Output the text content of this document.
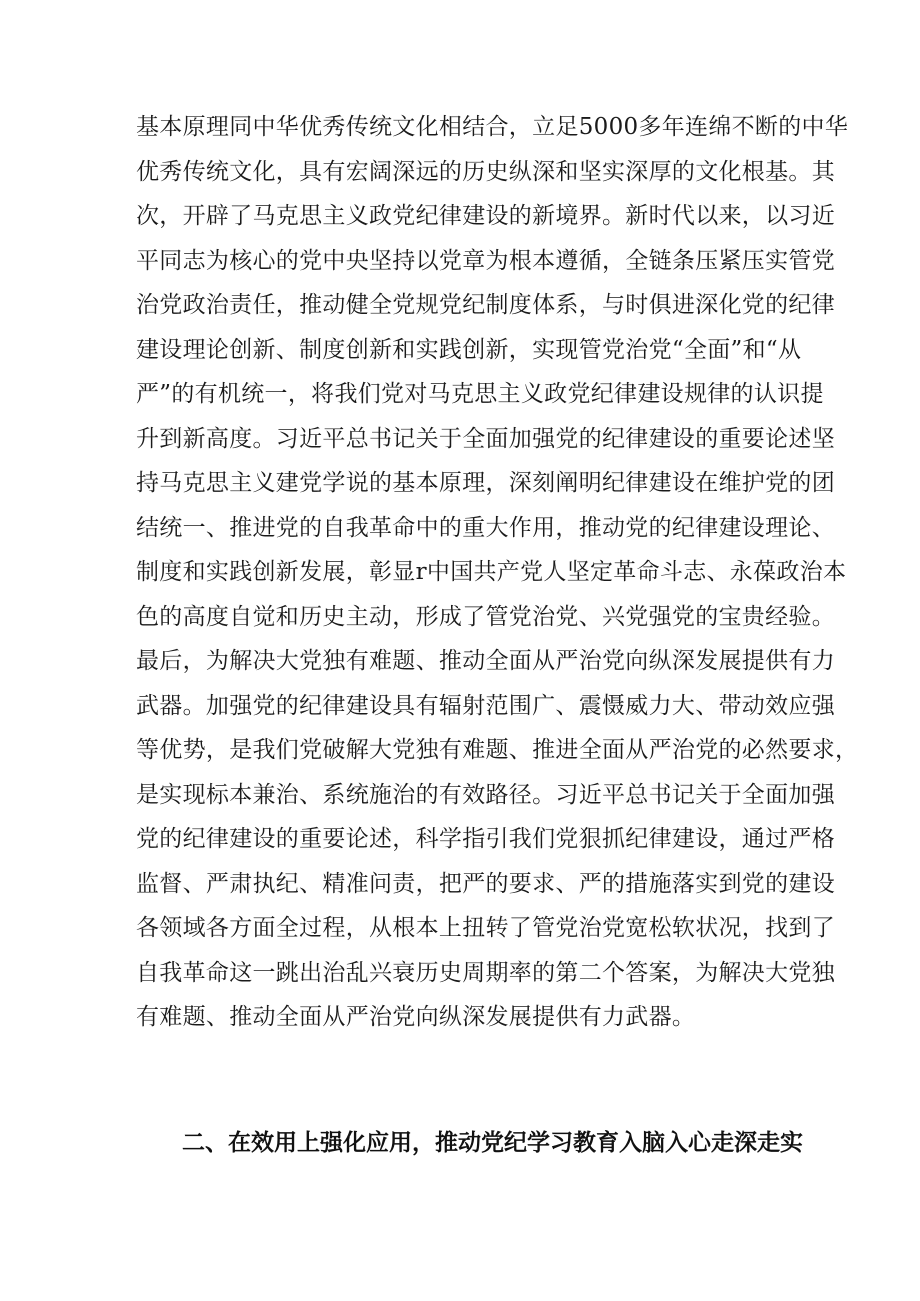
基本原理同中华优秀传统文化相结合，立足5000多年连绵不断的中华
优秀传统文化，具有宏阔深远的历史纵深和坚实深厚的文化根基。其
次，开辟了马克思主义政党纪律建设的新境界。新时代以来，以习近
平同志为核心的党中央坚持以党章为根本遵循，全链条压紧压实管党
治党政治责任，推动健全党规党纪制度体系，与时俱进深化党的纪律
建设理论创新、制度创新和实践创新，实现管党治党“全面”和“从
严”的有机统一，将我们党对马克思主义政党纪律建设规律的认识提
升到新高度。习近平总书记关于全面加强党的纪律建设的重要论述坚
持马克思主义建党学说的基本原理，深刻阐明纪律建设在维护党的团
结统一、推进党的自我革命中的重大作用，推动党的纪律建设理论、
制度和实践创新发展，彰显r中国共产党人坚定革命斗志、永葆政治本
色的高度自觉和历史主动，形成了管党治党、兴党强党的宝贵经验。
最后，为解决大党独有难题、推动全面从严治党向纵深发展提供有力
武器。加强党的纪律建设具有辐射范围广、震慑威力大、带动效应强
等优势，是我们党破解大党独有难题、推进全面从严治党的必然要求，
是实现标本兼治、系统施治的有效路径。习近平总书记关于全面加强
党的纪律建设的重要论述，科学指引我们党狠抓纪律建设，通过严格
监督、严肃执纪、精准问责，把严的要求、严的措施落实到党的建设
各领域各方面全过程，从根本上扭转了管党治党宽松软状况，找到了
自我革命这一跳出治乱兴衰历史周期率的第二个答案，为解决大党独
有难题、推动全面从严治党向纵深发展提供有力武器。
二、在效用上强化应用，推动党纪学习教育入脑入心走深走实
